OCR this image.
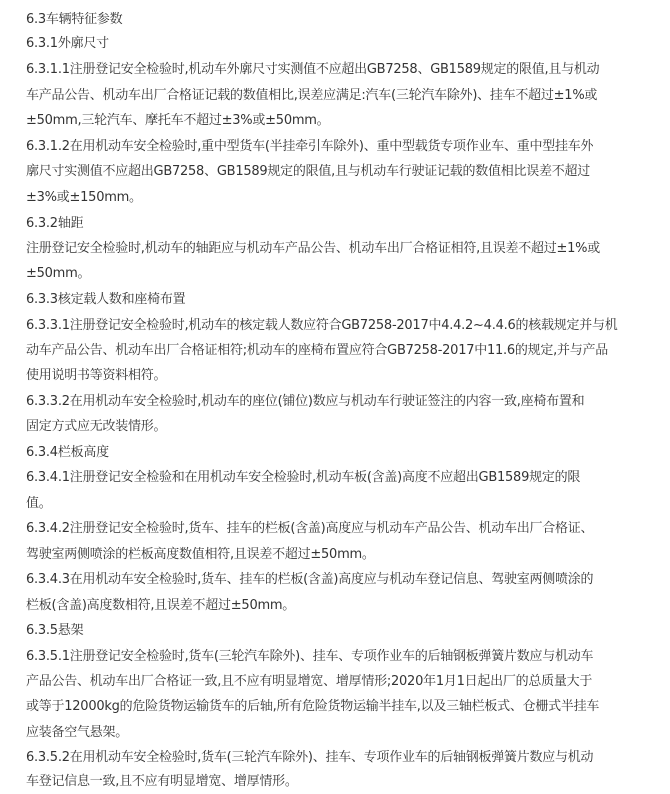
6.3车辆特征参数
6.3.1外廓尺寸
6.3.1.1注册登记安全检验时,机动车外廓尺寸实测值不应超出GB7258、GB1589规定的限值,且与机动
车产品公告、机动车出厂合格证记载的数值相比,误差应满足:汽车(三轮汽车除外)、挂车不超过±1%或
±50mm,三轮汽车、摩托车不超过±3%或±50mm。
6.3.1.2在用机动车安全检验时,重中型货车(半挂牵引车除外)、重中型载货专项作业车、重中型挂车外
廓尺寸实测值不应超出GB7258、GB1589规定的限值,且与机动车行驶证记载的数值相比误差不超过
±3%或±150mm。
6.3.2轴距
注册登记安全检验时,机动车的轴距应与机动车产品公告、机动车出厂合格证相符,且误差不超过±1%或
±50mm。
6.3.3核定载人数和座椅布置
6.3.3.1注册登记安全检验时,机动车的核定载人数应符合GB7258-2017中4.4.2~4.4.6的核载规定并与机
动车产品公告、机动车出厂合格证相符;机动车的座椅布置应符合GB7258-2017中11.6的规定,并与产品
使用说明书等资料相符。
6.3.3.2在用机动车安全检验时,机动车的座位(铺位)数应与机动车行驶证签注的内容一致,座椅布置和
固定方式应无改装情形。
6.3.4栏板高度
6.3.4.1注册登记安全检验和在用机动车安全检验时,机动车板(含盖)高度不应超出GB1589规定的限
值。
6.3.4.2注册登记安全检验时,货车、挂车的栏板(含盖)高度应与机动车产品公告、机动车出厂合格证、
驾驶室两侧喷涂的栏板高度数值相符,且误差不超过±50mm。
6.3.4.3在用机动车安全检验时,货车、挂车的栏板(含盖)高度应与机动车登记信息、驾驶室两侧喷涂的
栏板(含盖)高度数相符,且误差不超过±50mm。
6.3.5悬架
6.3.5.1注册登记安全检验时,货车(三轮汽车除外)、挂车、专项作业车的后轴钢板弹簧片数应与机动车
产品公告、机动车出厂合格证一致,且不应有明显增宽、增厚情形;2020年1月1日起出厂的总质量大于
或等于12000kg的危险货物运输货车的后轴,所有危险货物运输半挂车,以及三轴栏板式、仓栅式半挂车
应装备空气悬架。
6.3.5.2在用机动车安全检验时,货车(三轮汽车除外)、挂车、专项作业车的后轴钢板弹簧片数应与机动
车登记信息一致,且不应有明显增宽、增厚情形。
